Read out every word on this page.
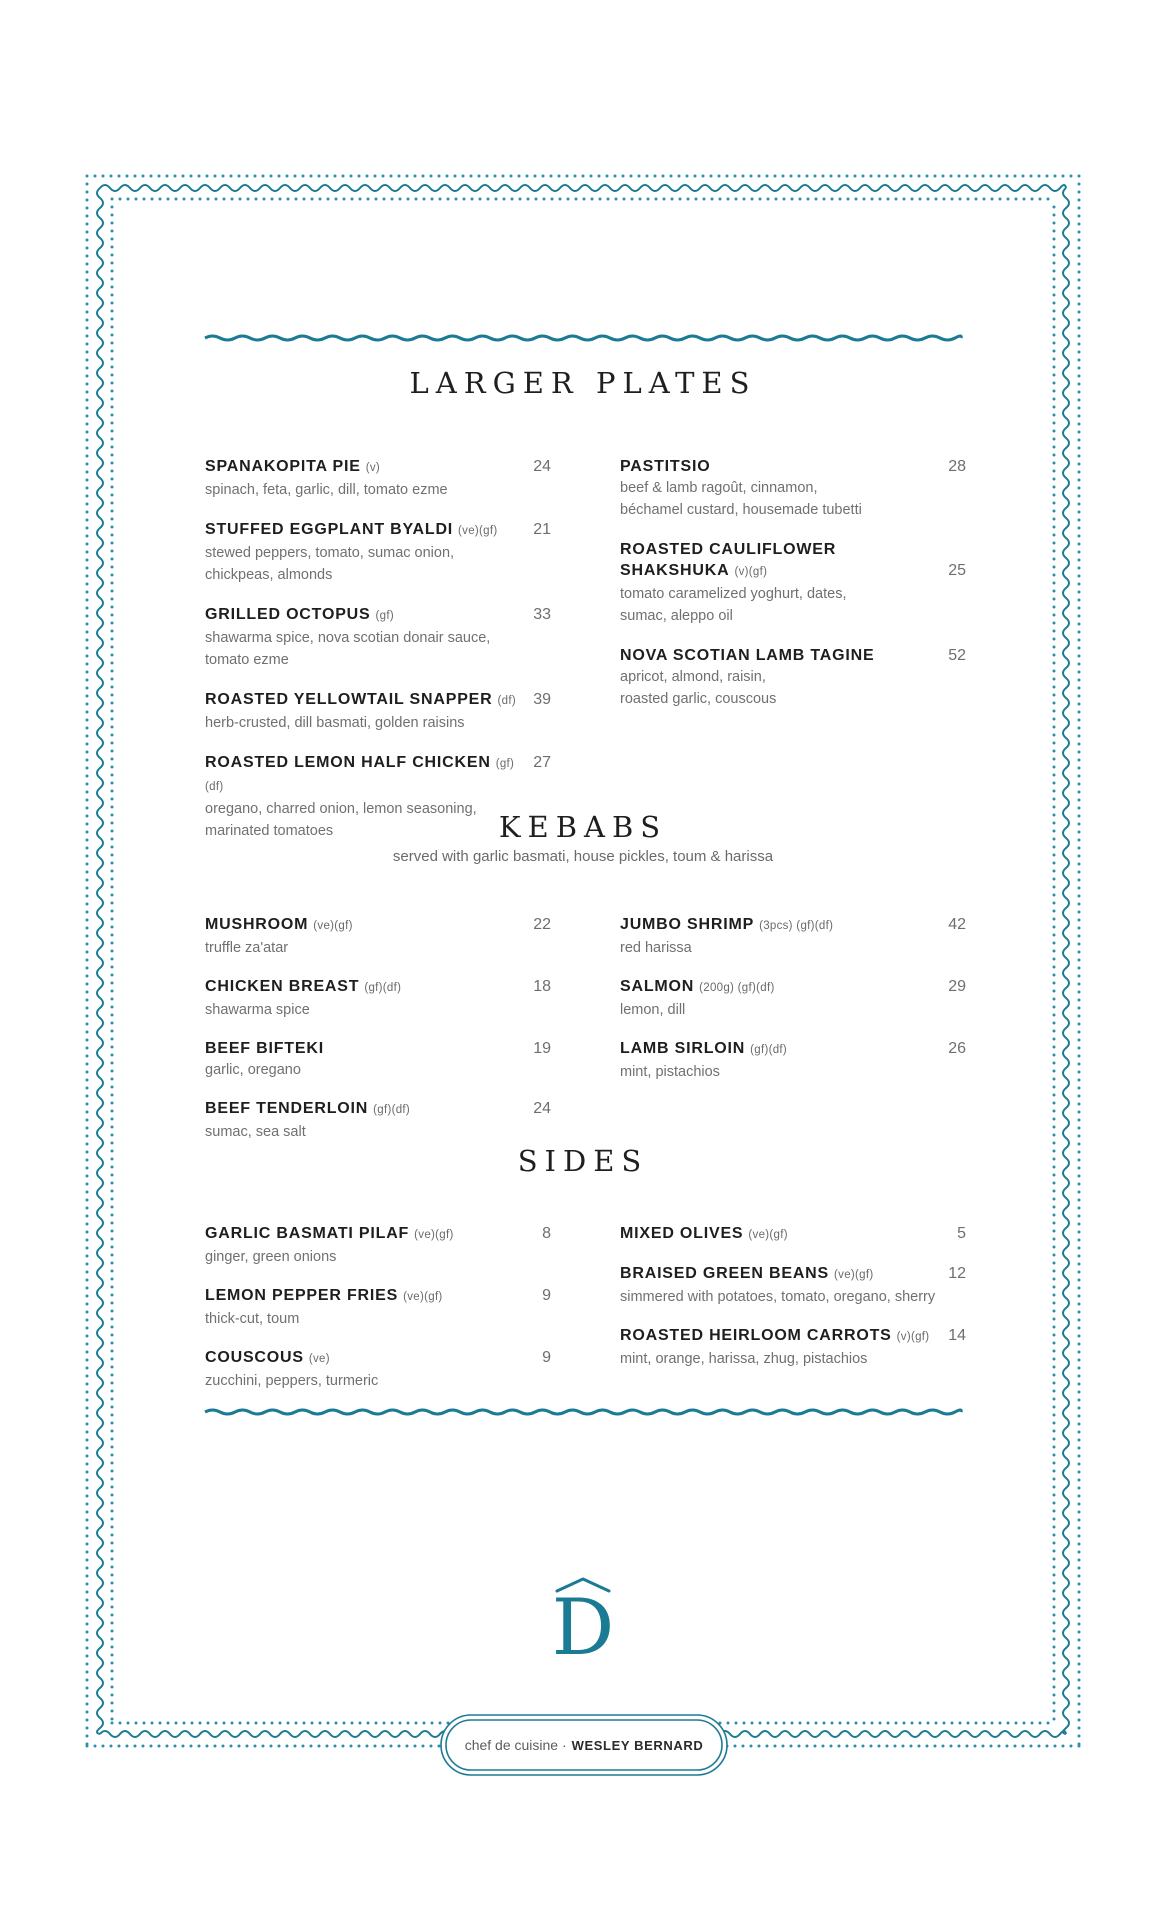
LARGER PLATES
SPANAKOPITA PIE (v)	24
spinach, feta, garlic, dill, tomato ezme
STUFFED EGGPLANT BYALDI (ve)(gf)	21
stewed peppers, tomato, sumac onion,
chickpeas, almonds
GRILLED OCTOPUS (gf)	33
shawarma spice, nova scotian donair sauce,
tomato ezme
ROASTED YELLOWTAIL SNAPPER (df)	39
herb-crusted, dill basmati, golden raisins
ROASTED LEMON HALF CHICKEN (gf)(df)
27
oregano, charred onion, lemon seasoning,
marinated tomatoes
PASTITSIO	28
beef & lamb ragoût, cinnamon,
béchamel custard, housemade tubetti
ROASTED CAULIFLOWER
SHAKSHUKA (v)(gf)	25
tomato caramelized yoghurt, dates,
sumac, aleppo oil
NOVA SCOTIAN LAMB TAGINE	52
apricot, almond, raisin,
roasted garlic, couscous
KEBABS
served with garlic basmati, house pickles, toum & harissa
MUSHROOM (ve)(gf)	22
truffle za'atar
CHICKEN BREAST (gf)(df)	18
shawarma spice
BEEF BIFTEKI	19
garlic, oregano
BEEF TENDERLOIN (gf)(df)	24
sumac, sea salt
JUMBO SHRIMP (3pcs) (gf)(df)	42
red harissa
SALMON (200g) (gf)(df)	29
lemon, dill
LAMB SIRLOIN (gf)(df)	26
mint, pistachios
SIDES
GARLIC BASMATI PILAF (ve)(gf)	8
ginger, green onions
LEMON PEPPER FRIES (ve)(gf)	9
thick-cut, toum
COUSCOUS (ve)	9
zucchini, peppers, turmeric
MIXED OLIVES (ve)(gf)	5
BRAISED GREEN BEANS (ve)(gf)	12
simmered with potatoes, tomato, oregano, sherry
ROASTED HEIRLOOM CARROTS (v)(gf)	14
mint, orange, harissa, zhug, pistachios
D
chef de cuisine · WESLEY BERNARD
